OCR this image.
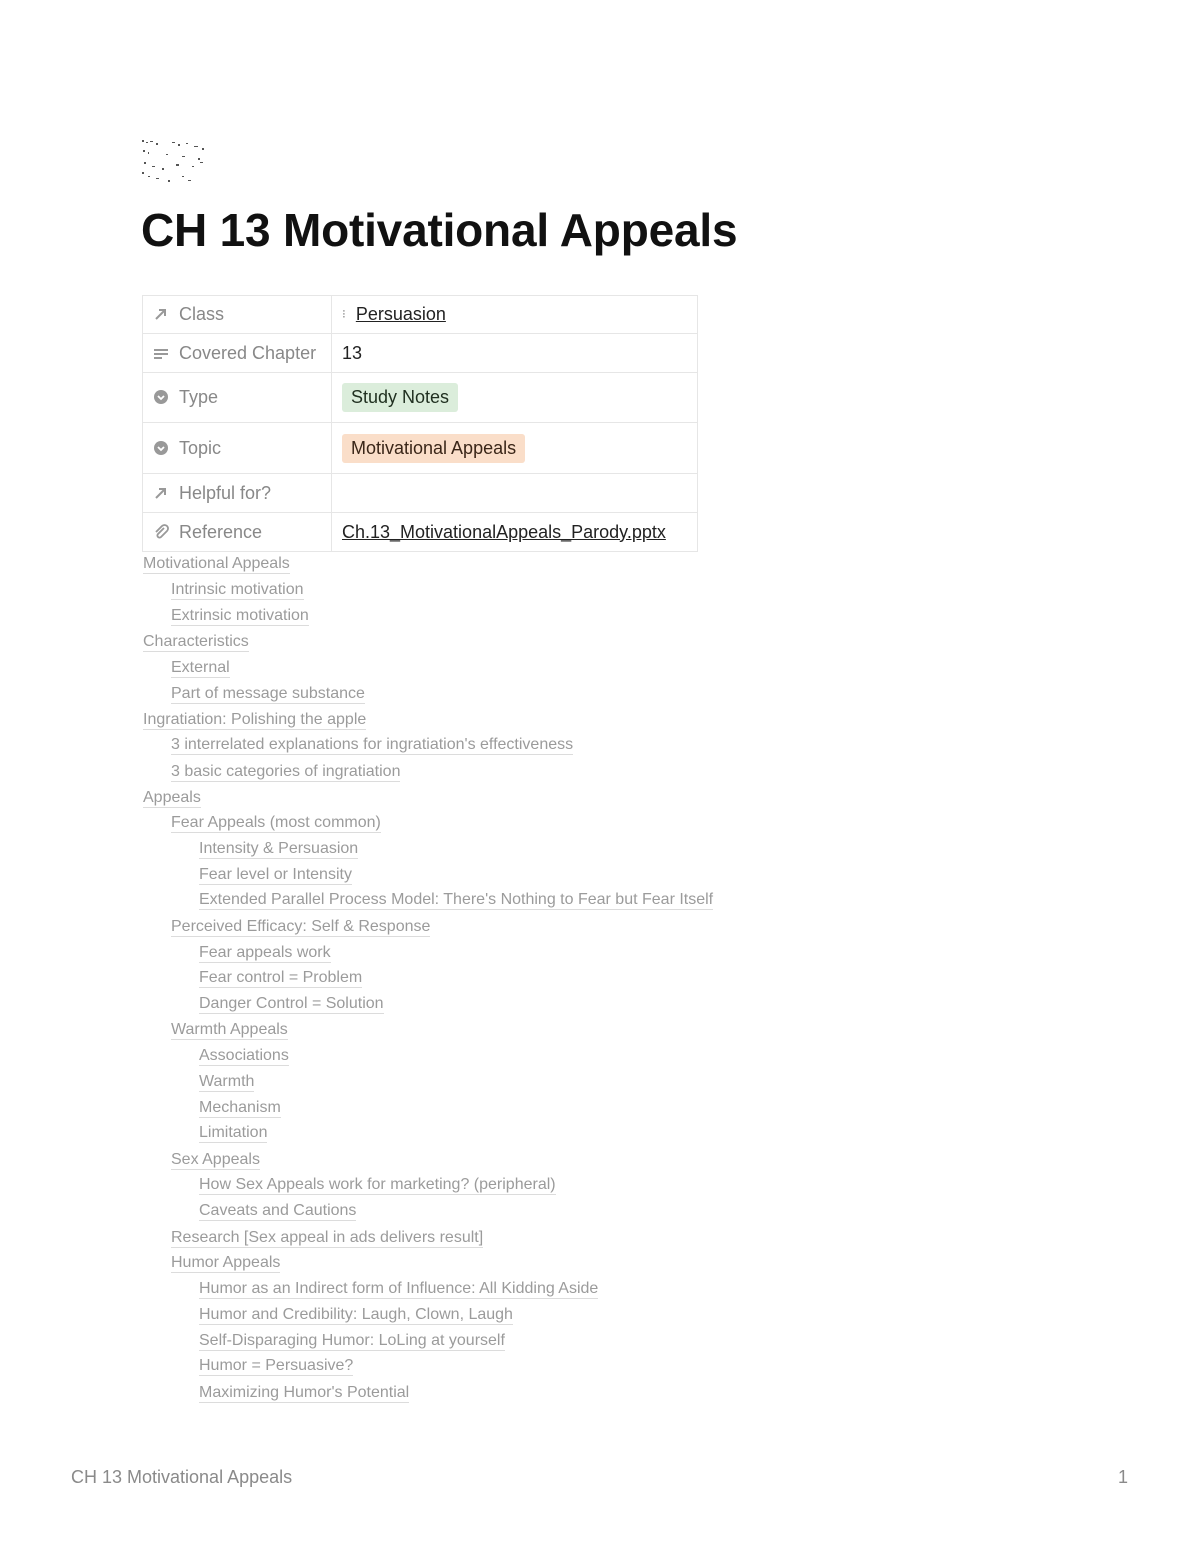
CH 13 Motivational Appeals
Class	⁝ Persuasion
Covered Chapter	13
Type	Study Notes
Topic	Motivational Appeals
Helpful for?	
Reference	Ch.13_MotivationalAppeals_Parody.pptx
Motivational Appeals
Intrinsic motivation
Extrinsic motivation
Characteristics
External
Part of message substance
Ingratiation: Polishing the apple
3 interrelated explanations for ingratiation's effectiveness
3 basic categories of ingratiation
Appeals
Fear Appeals (most common)
Intensity & Persuasion
Fear level or Intensity
Extended Parallel Process Model: There's Nothing to Fear but Fear Itself
Perceived Efficacy: Self & Response
Fear appeals work
Fear control = Problem
Danger Control = Solution
Warmth Appeals
Associations
Warmth
Mechanism
Limitation
Sex Appeals
How Sex Appeals work for marketing? (peripheral)
Caveats and Cautions
Research [Sex appeal in ads delivers result]
Humor Appeals
Humor as an Indirect form of Influence: All Kidding Aside
Humor and Credibility: Laugh, Clown, Laugh
Self-Disparaging Humor: LoLing at yourself
Humor = Persuasive?
Maximizing Humor's Potential
CH 13 Motivational Appeals	1
